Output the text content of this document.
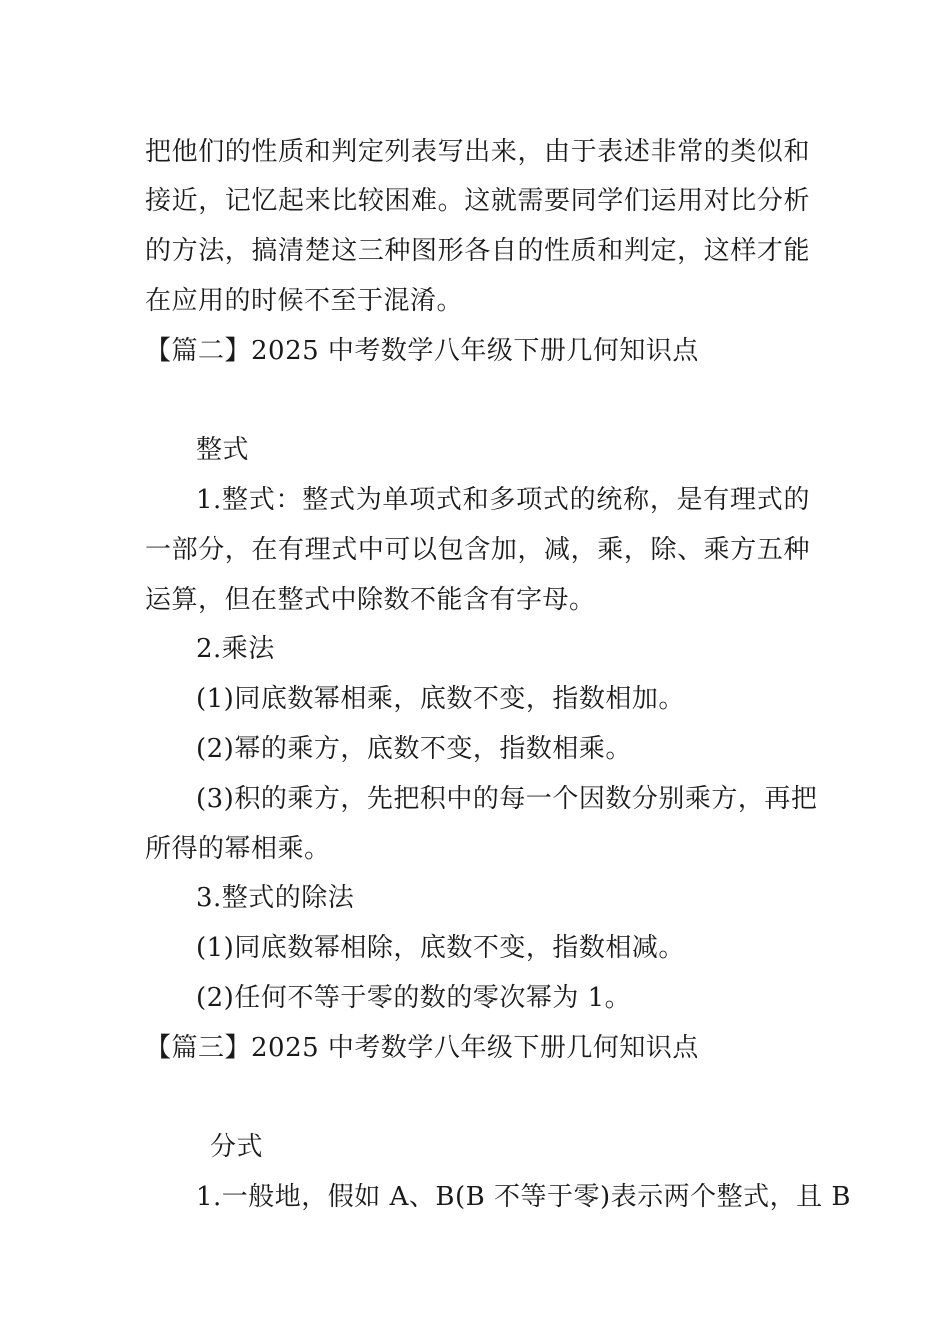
把他们的性质和判定列表写出来，由于表述非常的类似和
接近，记忆起来比较困难。这就需要同学们运用对比分析
的方法，搞清楚这三种图形各自的性质和判定，这样才能
在应用的时候不至于混淆。
【篇二】2025 中考数学八年级下册几何知识点
整式
1.整式：整式为单项式和多项式的统称，是有理式的
一部分，在有理式中可以包含加，减，乘，除、乘方五种
运算，但在整式中除数不能含有字母。
2.乘法
(1)同底数幂相乘，底数不变，指数相加。
(2)幂的乘方，底数不变，指数相乘。
(3)积的乘方，先把积中的每一个因数分别乘方，再把
所得的幂相乘。
3.整式的除法
(1)同底数幂相除，底数不变，指数相减。
(2)任何不等于零的数的零次幂为 1。
【篇三】2025 中考数学八年级下册几何知识点
分式
1.一般地，假如 A、B(B 不等于零)表示两个整式，且 B
